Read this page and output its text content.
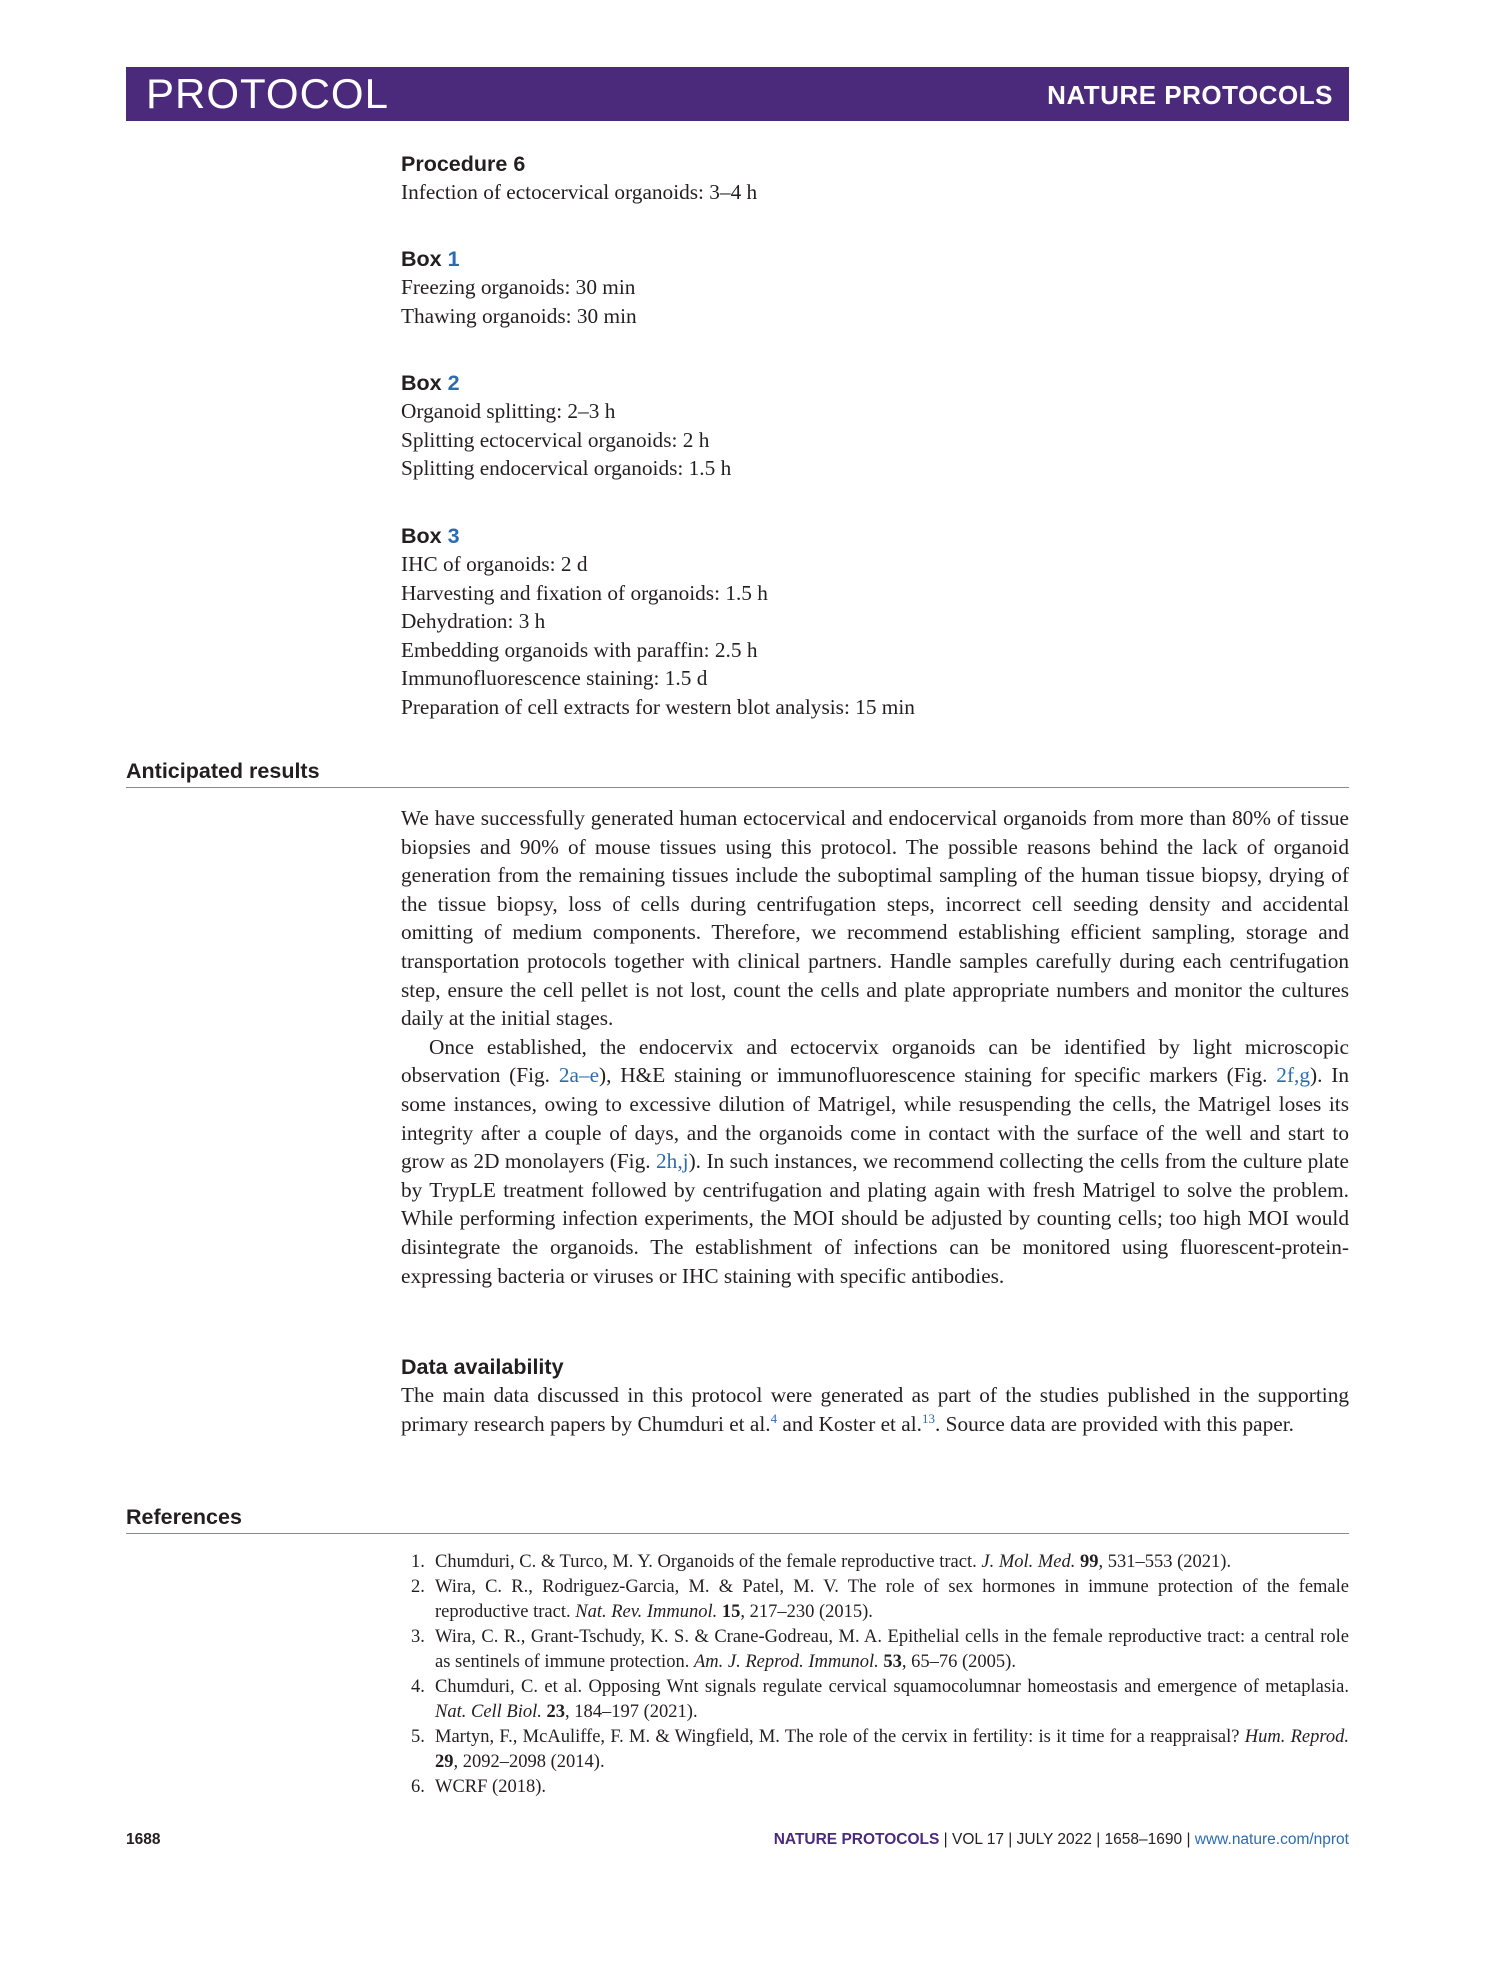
PROTOCOL	NATURE PROTOCOLS
Procedure 6
Infection of ectocervical organoids: 3–4 h
Box 1
Freezing organoids: 30 min
Thawing organoids: 30 min
Box 2
Organoid splitting: 2–3 h
Splitting ectocervical organoids: 2 h
Splitting endocervical organoids: 1.5 h
Box 3
IHC of organoids: 2 d
Harvesting and fixation of organoids: 1.5 h
Dehydration: 3 h
Embedding organoids with paraffin: 2.5 h
Immunofluorescence staining: 1.5 d
Preparation of cell extracts for western blot analysis: 15 min
Anticipated results

We have successfully generated human ectocervical and endocervical organoids from more than 80% of tissue biopsies and 90% of mouse tissues using this protocol. The possible reasons behind the lack of organoid generation from the remaining tissues include the suboptimal sampling of the human tissue biopsy, drying of the tissue biopsy, loss of cells during centrifugation steps, incorrect cell seeding density and accidental omitting of medium components. Therefore, we recommend establishing efficient sampling, storage and transportation protocols together with clinical partners. Handle samples carefully during each centrifugation step, ensure the cell pellet is not lost, count the cells and plate appropriate numbers and monitor the cultures daily at the initial stages.

Once established, the endocervix and ectocervix organoids can be identified by light microscopic observation (Fig. 2a–e), H&E staining or immunofluorescence staining for specific markers (Fig. 2f,g). In some instances, owing to excessive dilution of Matrigel, while resuspending the cells, the Matrigel loses its integrity after a couple of days, and the organoids come in contact with the surface of the well and start to grow as 2D monolayers (Fig. 2h,j). In such instances, we recommend collecting the cells from the culture plate by TrypLE treatment followed by centrifugation and plating again with fresh Matrigel to solve the problem. While performing infection experiments, the MOI should be adjusted by counting cells; too high MOI would disintegrate the organoids. The establishment of infections can be monitored using fluorescent-protein-expressing bacteria or viruses or IHC staining with specific antibodies.

Data availability

The main data discussed in this protocol were generated as part of the studies published in the supporting primary research papers by Chumduri et al.$^4$ and Koster et al.$^{13}$. Source data are provided with this paper.

References
1. Chumduri, C. & Turco, M. Y. Organoids of the female reproductive tract. J. Mol. Med. 99, 531–553 (2021).
2. Wira, C. R., Rodriguez-Garcia, M. & Patel, M. V. The role of sex hormones in immune protection of the female reproductive tract. Nat. Rev. Immunol. 15, 217–230 (2015).
3. Wira, C. R., Grant-Tschudy, K. S. & Crane-Godreau, M. A. Epithelial cells in the female reproductive tract: a central role as sentinels of immune protection. Am. J. Reprod. Immunol. 53, 65–76 (2005).
4. Chumduri, C. et al. Opposing Wnt signals regulate cervical squamocolumnar homeostasis and emergence of metaplasia. Nat. Cell Biol. 23, 184–197 (2021).
5. Martyn, F., McAuliffe, F. M. & Wingfield, M. The role of the cervix in fertility: is it time for a reappraisal? Hum. Reprod. 29, 2092–2098 (2014).
6. WCRF (2018).
1688	NATURE PROTOCOLS | VOL 17 | JULY 2022 | 1658–1690 | www.nature.com/nprot
